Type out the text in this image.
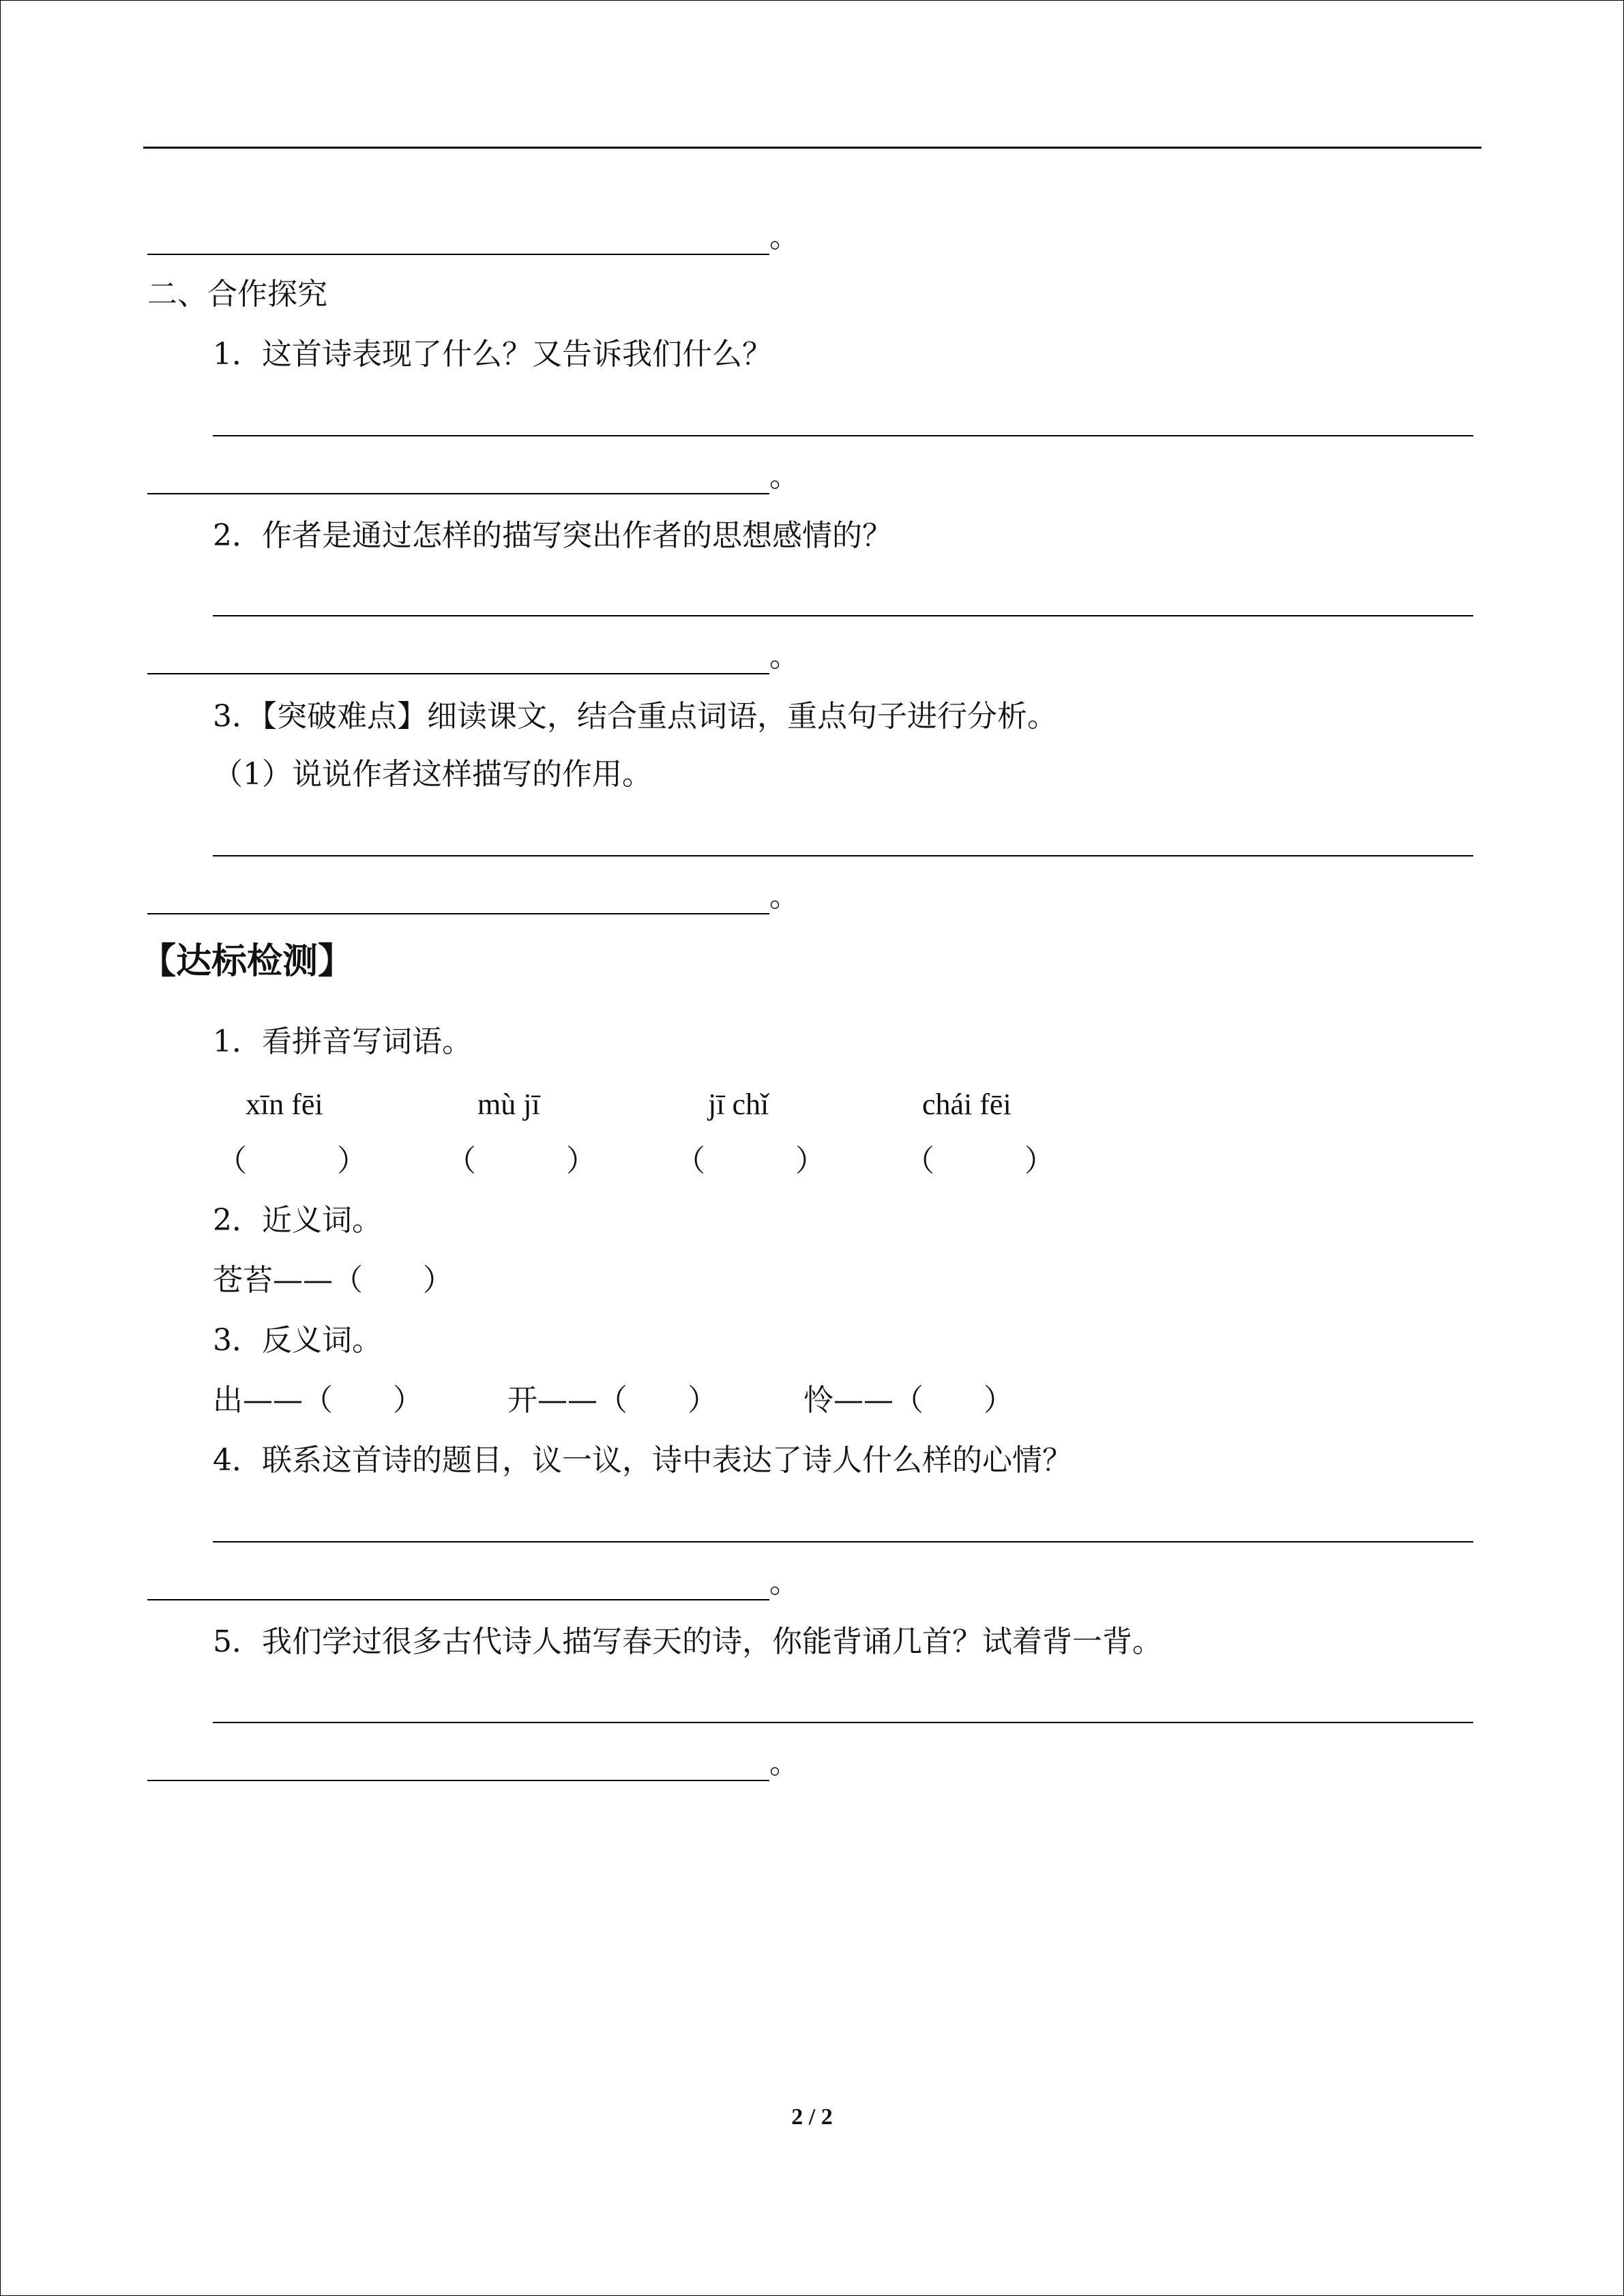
。
二、合作探究
1．这首诗表现了什么？又告诉我们什么？
。
2．作者是通过怎样的描写突出作者的思想感情的？
。
3．【突破难点】细读课文，结合重点词语，重点句子进行分析。
（1）说说作者这样描写的作用。
。
【达标检测】
1．看拼音写词语。
xīn fēi	mù jī	jī chǐ	chái fēi
（　　　）	（　　　）	（　　　）	（　　　）
2．近义词。
苍苔——（　　）
3．反义词。
出——（　　）	开——（　　）	怜——（　　）
4．联系这首诗的题目，议一议，诗中表达了诗人什么样的心情？
。
5．我们学过很多古代诗人描写春天的诗，你能背诵几首？试着背一背。
。
2 / 2
